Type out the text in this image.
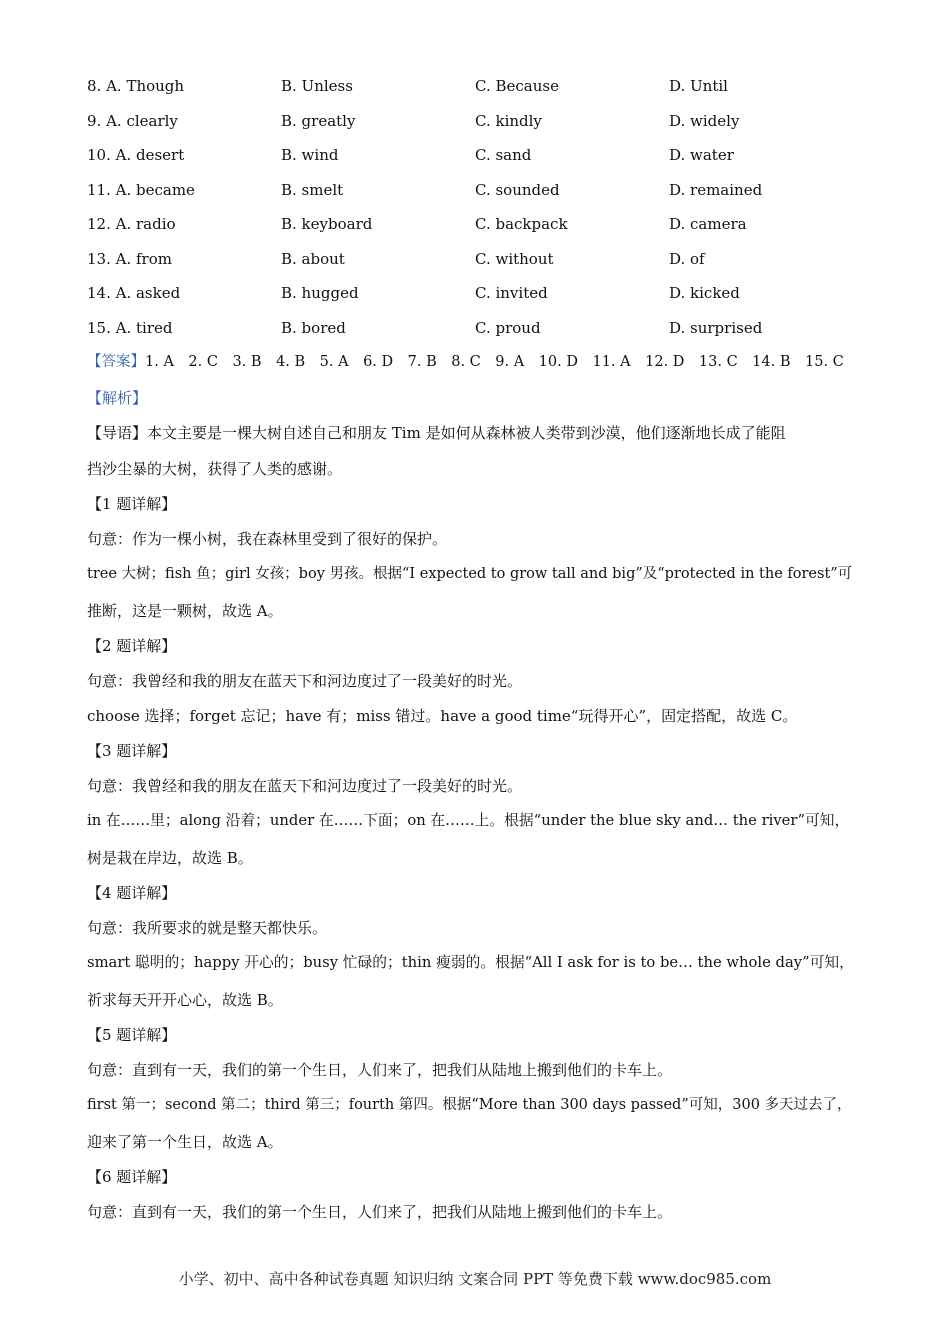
8. A. Though	B. Unless	C. Because	D. Until
9. A. clearly	B. greatly	C. kindly	D. widely
10. A. desert	B. wind	C. sand	D. water
11. A. became	B. smelt	C. sounded	D. remained
12. A. radio	B. keyboard	C. backpack	D. camera
13. A. from	B. about	C. without	D. of
14. A. asked	B. hugged	C. invited	D. kicked
15. A. tired	B. bored	C. proud	D. surprised
【答案】1. A　2. C　3. B　4. B　5. A　6. D　7. B　8. C　9. A　10. D　11. A　12. D　13. C　14. B　15. C
【解析】
【导语】本文主要是一棵大树自述自己和朋友 Tim 是如何从森林被人类带到沙漠，他们逐渐地长成了能阻
挡沙尘暴的大树，获得了人类的感谢。
【1 题详解】
句意：作为一棵小树，我在森林里受到了很好的保护。
tree 大树；fish 鱼；girl 女孩；boy 男孩。根据“I expected to grow tall and big”及“protected in the forest”可
推断，这是一颗树，故选 A。
【2 题详解】
句意：我曾经和我的朋友在蓝天下和河边度过了一段美好的时光。
choose 选择；forget 忘记；have 有；miss 错过。have a good time“玩得开心”，固定搭配，故选 C。
【3 题详解】
句意：我曾经和我的朋友在蓝天下和河边度过了一段美好的时光。
in 在……里；along 沿着；under 在……下面；on 在……上。根据“under the blue sky and… the river”可知，
树是栽在岸边，故选 B。
【4 题详解】
句意：我所要求的就是整天都快乐。
smart 聪明的；happy 开心的；busy 忙碌的；thin 瘦弱的。根据“All I ask for is to be… the whole day”可知，
祈求每天开开心心，故选 B。
【5 题详解】
句意：直到有一天，我们的第一个生日，人们来了，把我们从陆地上搬到他们的卡车上。
first 第一；second 第二；third 第三；fourth 第四。根据“More than 300 days passed”可知，300 多天过去了，
迎来了第一个生日，故选 A。
【6 题详解】
句意：直到有一天，我们的第一个生日，人们来了，把我们从陆地上搬到他们的卡车上。
小学、初中、高中各种试卷真题 知识归纳 文案合同 PPT 等免费下载 www.doc985.com
